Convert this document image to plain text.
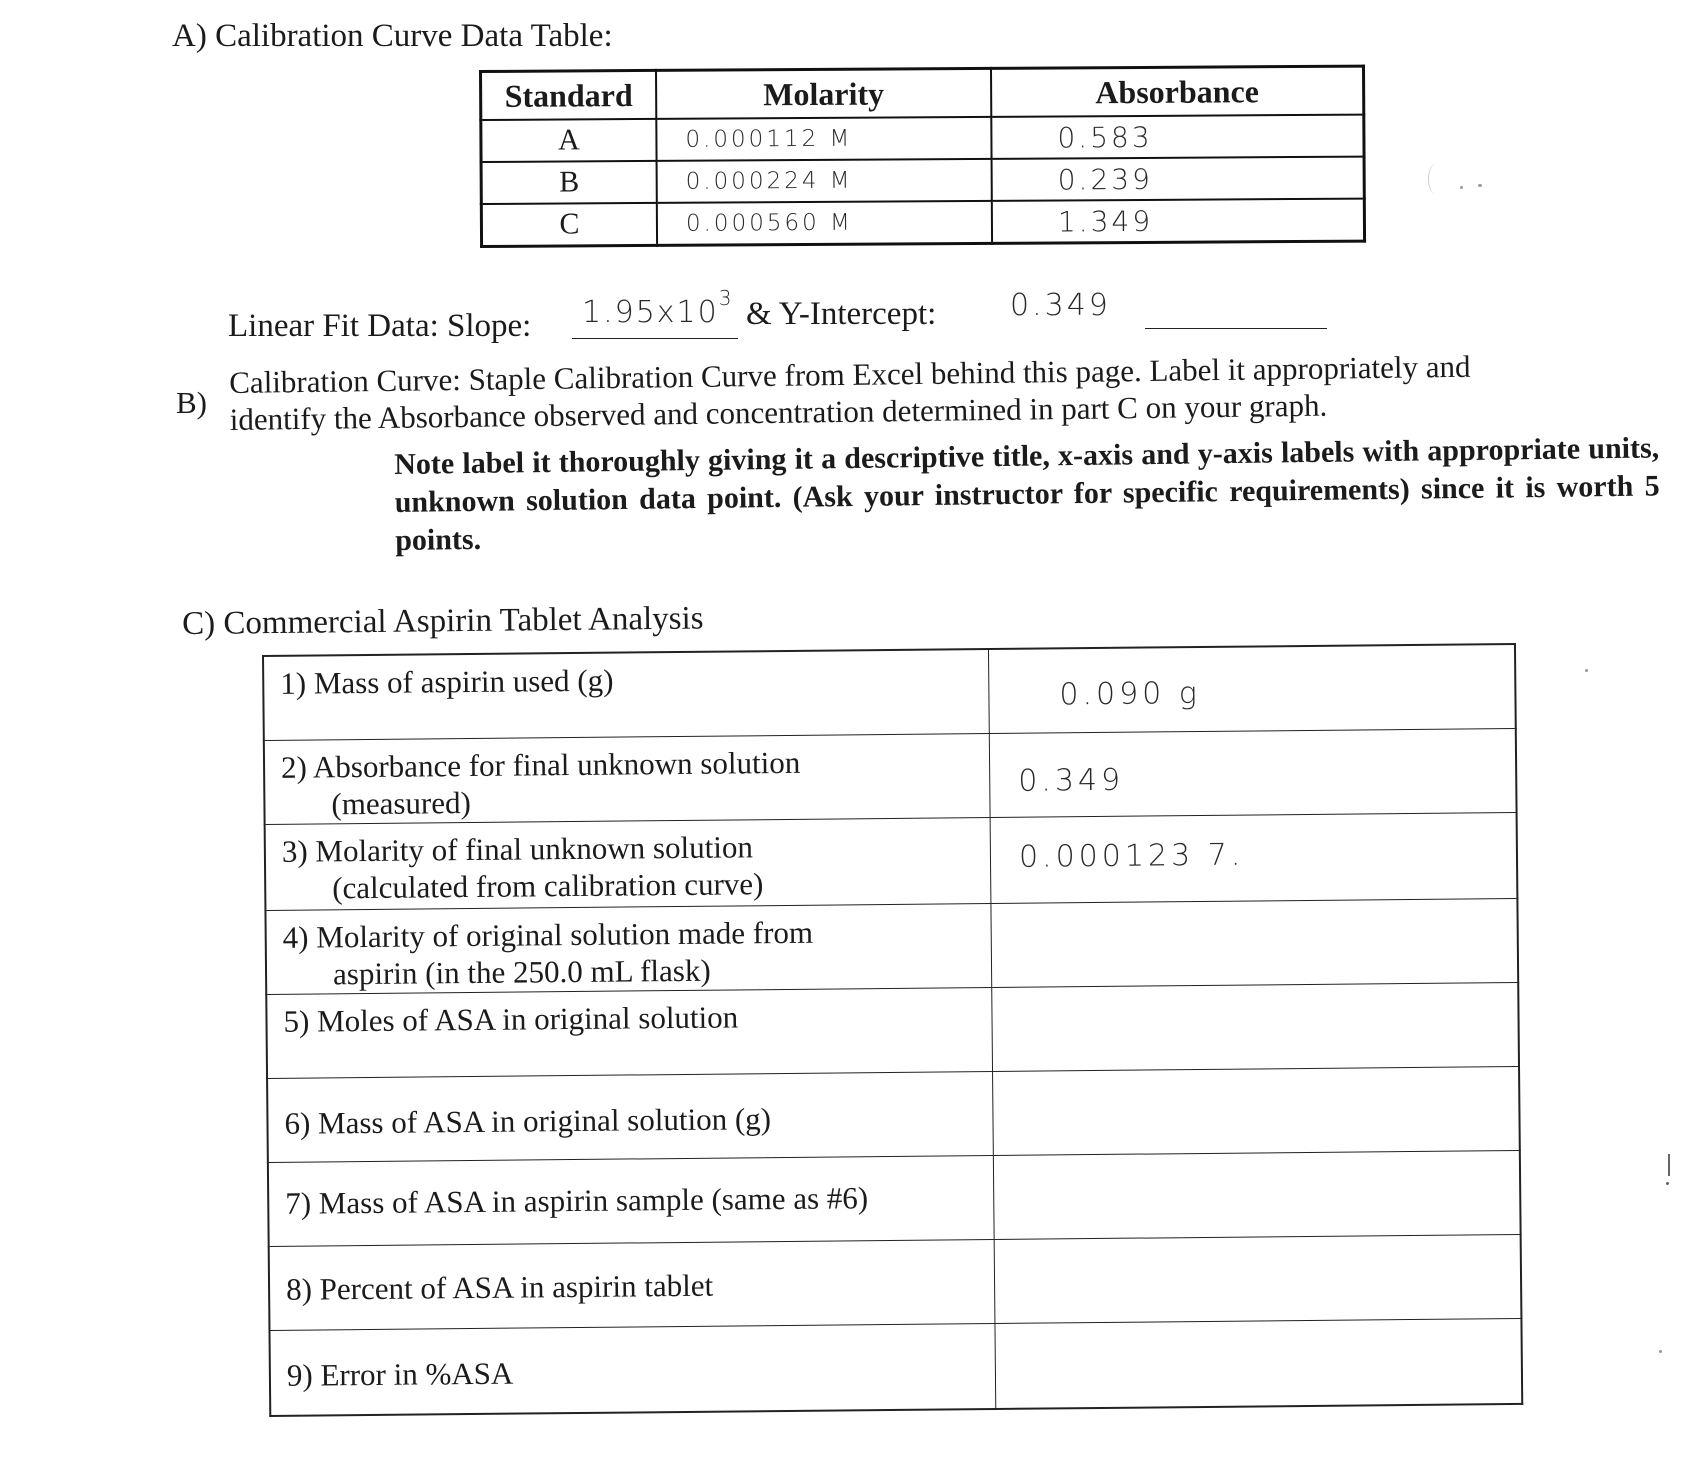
A) Calibration Curve Data Table:
Standard	Molarity	Absorbance
A	0.000112 M	0.583
B	0.000224 M	0.239
C	0.000560 M	1.349
Linear Fit Data: Slope:
$1.95x10^3$ & Y-Intercept: 0.349
B)
Calibration Curve: Staple Calibration Curve from Excel behind this page. Label it appropriately and
identify the Absorbance observed and concentration determined in part C on your graph.
Note label it thoroughly giving it a descriptive title, x-axis and y-axis labels with appropriate units, unknown solution data point. (Ask your instructor for specific requirements) since it is worth 5 points.
C) Commercial Aspirin Tablet Analysis
1) Mass of aspirin used (g)	0.090 g

2) Absorbance for final unknown solution
(measured)	0.349

3) Molarity of final unknown solution
(calculated from calibration curve)	0.000123 7.

4) Molarity of original solution made from
aspirin (in the 250.0 mL flask)	

5) Moles of ASA in original solution	

6) Mass of ASA in original solution (g)	

7) Mass of ASA in aspirin sample (same as #6)	

8) Percent of ASA in aspirin tablet	

9) Error in %ASA	
